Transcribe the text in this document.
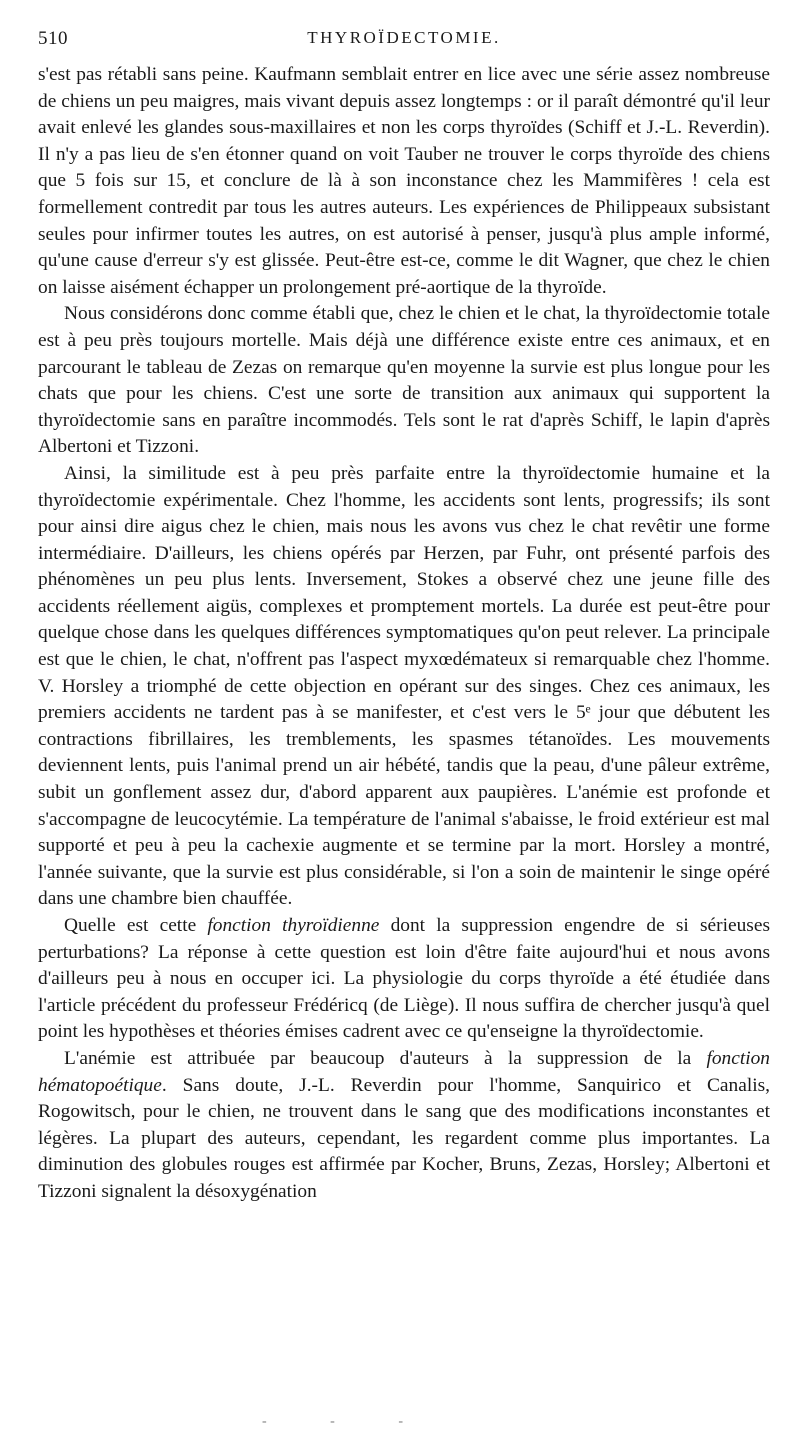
510	THYROÏDECTOMIE.

s'est pas rétabli sans peine. Kaufmann semblait entrer en lice avec une série assez nombreuse de chiens un peu maigres, mais vivant depuis assez longtemps : or il paraît démontré qu'il leur avait enlevé les glandes sous-maxillaires et non les corps thyroïdes (Schiff et J.-L. Reverdin). Il n'y a pas lieu de s'en étonner quand on voit Tauber ne trouver le corps thyroïde des chiens que 5 fois sur 15, et conclure de là à son inconstance chez les Mammifères ! cela est formellement contredit par tous les autres auteurs. Les expériences de Philippeaux subsistant seules pour infirmer toutes les autres, on est autorisé à penser, jusqu'à plus ample informé, qu'une cause d'erreur s'y est glissée. Peut-être est-ce, comme le dit Wagner, que chez le chien on laisse aisément échapper un prolongement pré-aortique de la thyroïde.

Nous considérons donc comme établi que, chez le chien et le chat, la thyroïdectomie totale est à peu près toujours mortelle. Mais déjà une différence existe entre ces animaux, et en parcourant le tableau de Zezas on remarque qu'en moyenne la survie est plus longue pour les chats que pour les chiens. C'est une sorte de transition aux animaux qui supportent la thyroïdectomie sans en paraître incommodés. Tels sont le rat d'après Schiff, le lapin d'après Albertoni et Tizzoni.

Ainsi, la similitude est à peu près parfaite entre la thyroïdectomie humaine et la thyroïdectomie expérimentale. Chez l'homme, les accidents sont lents, progressifs; ils sont pour ainsi dire aigus chez le chien, mais nous les avons vus chez le chat revêtir une forme intermédiaire. D'ailleurs, les chiens opérés par Herzen, par Fuhr, ont présenté parfois des phénomènes un peu plus lents. Inversement, Stokes a observé chez une jeune fille des accidents réellement aigüs, complexes et promptement mortels. La durée est peut-être pour quelque chose dans les quelques différences symptomatiques qu'on peut relever. La principale est que le chien, le chat, n'offrent pas l'aspect myxœdémateux si remarquable chez l'homme. V. Horsley a triomphé de cette objection en opérant sur des singes. Chez ces animaux, les premiers accidents ne tardent pas à se manifester, et c'est vers le 5ᵉ jour que débutent les contractions fibrillaires, les tremblements, les spasmes tétanoïdes. Les mouvements deviennent lents, puis l'animal prend un air hébété, tandis que la peau, d'une pâleur extrême, subit un gonflement assez dur, d'abord apparent aux paupières. L'anémie est profonde et s'accompagne de leucocytémie. La température de l'animal s'abaisse, le froid extérieur est mal supporté et peu à peu la cachexie augmente et se termine par la mort. Horsley a montré, l'année suivante, que la survie est plus considérable, si l'on a soin de maintenir le singe opéré dans une chambre bien chauffée.

Quelle est cette fonction thyroïdienne dont la suppression engendre de si sérieuses perturbations? La réponse à cette question est loin d'être faite aujourd'hui et nous avons d'ailleurs peu à nous en occuper ici. La physiologie du corps thyroïde a été étudiée dans l'article précédent du professeur Frédéricq (de Liège). Il nous suffira de chercher jusqu'à quel point les hypothèses et théories émises cadrent avec ce qu'enseigne la thyroïdectomie.

L'anémie est attribuée par beaucoup d'auteurs à la suppression de la fonction hématopoétique. Sans doute, J.-L. Reverdin pour l'homme, Sanquirico et Canalis, Rogowitsch, pour le chien, ne trouvent dans le sang que des modifications inconstantes et légères. La plupart des auteurs, cependant, les regardent comme plus importantes. La diminution des globules rouges est affirmée par Kocher, Bruns, Zezas, Horsley; Albertoni et Tizzoni signalent la désoxygénation

- - -
